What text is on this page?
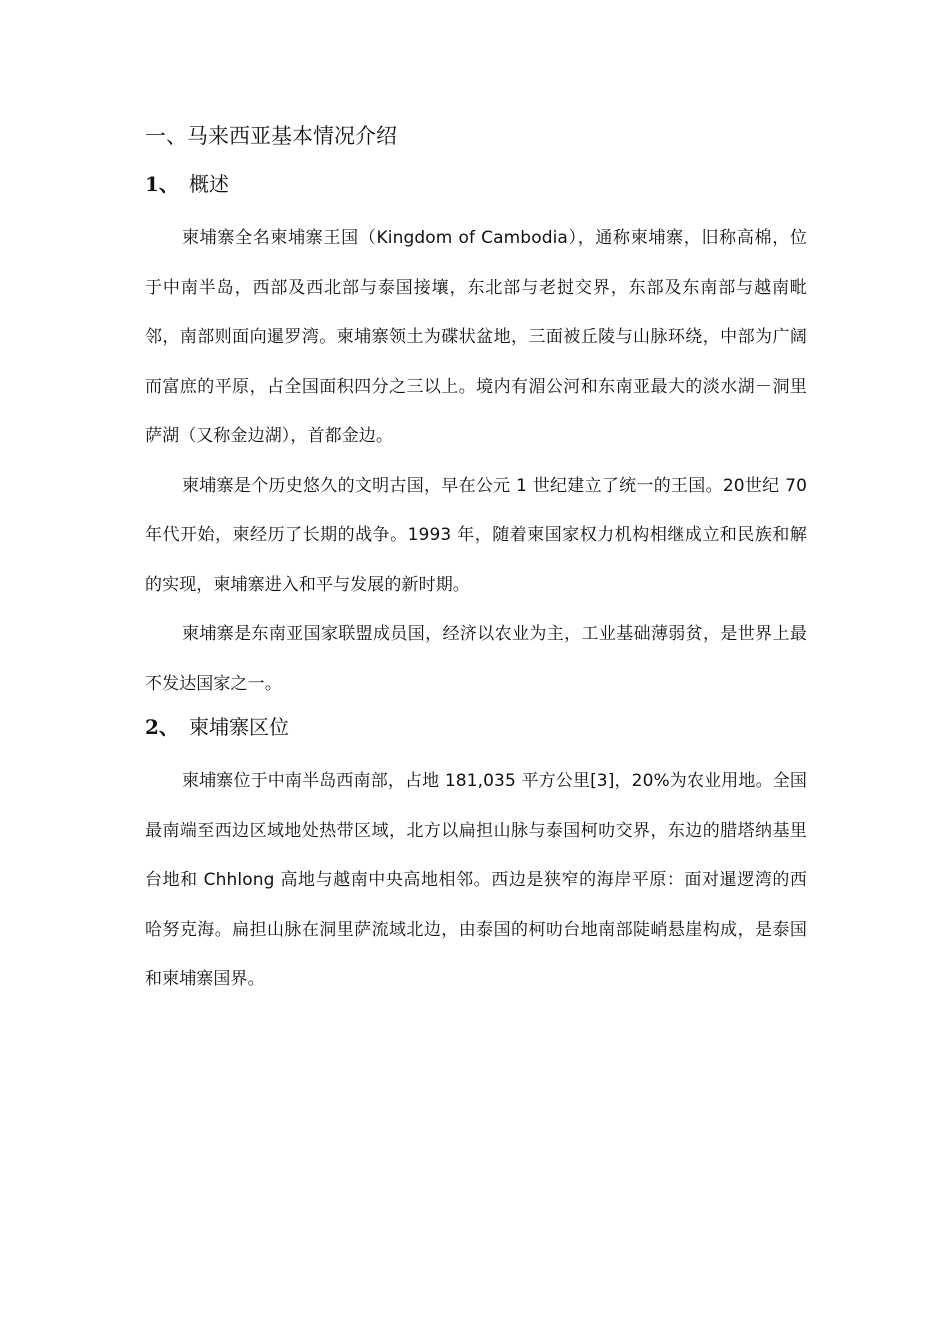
一、马来西亚基本情况介绍
1、 概述

柬埔寨全名柬埔寨王国（Kingdom of Cambodia），通称柬埔寨，旧称高棉，位于中南半岛，西部及西北部与泰国接壤，东北部与老挝交界，东部及东南部与越南毗邻，南部则面向暹罗湾。柬埔寨领土为碟状盆地，三面被丘陵与山脉环绕，中部为广阔而富庶的平原，占全国面积四分之三以上。境内有湄公河和东南亚最大的淡水湖－洞里萨湖（又称金边湖），首都金边。

柬埔寨是个历史悠久的文明古国，早在公元 1 世纪建立了统一的王国。20世纪 70 年代开始，柬经历了长期的战争。1993 年，随着柬国家权力机构相继成立和民族和解的实现，柬埔寨进入和平与发展的新时期。

柬埔寨是东南亚国家联盟成员国，经济以农业为主，工业基础薄弱贫，是世界上最不发达国家之一。

2、 柬埔寨区位

柬埔寨位于中南半岛西南部，占地 181,035 平方公里[3]，20%为农业用地。全国最南端至西边区域地处热带区域，北方以扁担山脉与泰国柯叻交界，东边的腊塔纳基里台地和 Chhlong 高地与越南中央高地相邻。西边是狭窄的海岸平原：面对暹逻湾的西哈努克海。扁担山脉在洞里萨流域北边，由泰国的柯叻台地南部陡峭悬崖构成，是泰国和柬埔寨国界。
